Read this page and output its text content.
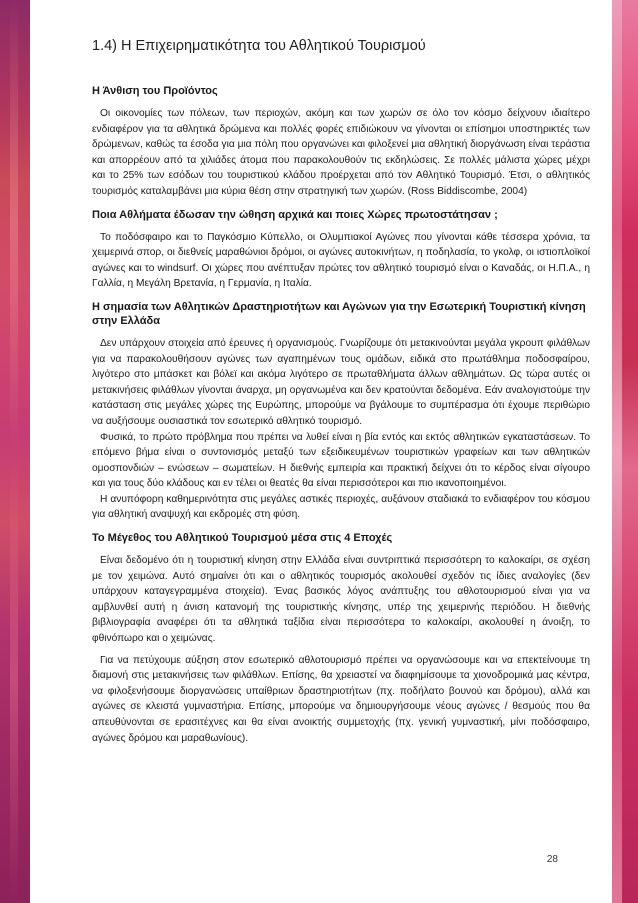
1.4) Η Επιχειρηματικότητα του Αθλητικού Τουρισμού
Η Άνθιση του Προϊόντος

Οι οικονομίες των πόλεων, των περιοχών, ακόμη και των χωρών σε όλο τον κόσμο δείχνουν ιδιαίτερο ενδιαφέρον για τα αθλητικά δρώμενα και πολλές φορές επιδιώκουν να γίνονται οι επίσημοι υποστηρικτές των δρώμενων, καθώς τα έσοδα για μια πόλη που οργανώνει και φιλοξενεί μια αθλητική διοργάνωση είναι τεράστια και απορρέουν από τα χιλιάδες άτομα που παρακολουθούν τις εκδηλώσεις. Σε πολλές μάλιστα χώρες μέχρι και το 25% των εσόδων του τουριστικού κλάδου προέρχεται από τον Αθλητικό Τουρισμό. Έτσι, ο αθλητικός τουρισμός καταλαμβάνει μια κύρια θέση στην στρατηγική των χωρών. (Ross Biddiscombe, 2004)

Ποια Αθλήματα έδωσαν την ώθηση αρχικά και ποιες Χώρες πρωτοστάτησαν ;

Το ποδόσφαιρο και το Παγκόσμιο Κύπελλο, οι Ολυμπιακοί Αγώνες που γίνονται κάθε τέσσερα χρόνια, τα χειμερινά σπορ, οι διεθνείς μαραθώνιοι δρόμοι, οι αγώνες αυτοκινήτων, η ποδηλασία, το γκολφ, οι ιστιοπλοϊκοί αγώνες και το windsurf. Οι χώρες που ανέπτυξαν πρώτες τον αθλητικό τουρισμό είναι ο Καναδάς, οι Η.Π.Α., η Γαλλία, η Μεγάλη Βρετανία, η Γερμανία, η Ιταλία.

Η σημασία των Αθλητικών Δραστηριοτήτων και Αγώνων για την Εσωτερική Τουριστική κίνηση στην Ελλάδα

Δεν υπάρχουν στοιχεία από έρευνες ή οργανισμούς. Γνωρίζουμε ότι μετακινούνται μεγάλα γκρουπ φιλάθλων για να παρακολουθήσουν αγώνες των αγαπημένων τους ομάδων, ειδικά στο πρωτάθλημα ποδοσφαίρου, λιγότερο στο μπάσκετ και βόλεϊ και ακόμα λιγότερο σε πρωταθλήματα άλλων αθλημάτων. Ως τώρα αυτές οι μετακινήσεις φιλάθλων γίνονται άναρχα, μη οργανωμένα και δεν κρατούνται δεδομένα. Εάν αναλογιστούμε την κατάσταση στις μεγάλες χώρες της Ευρώπης, μπορούμε να βγάλουμε το συμπέρασμα ότι έχουμε περιθώριο να αυξήσουμε ουσιαστικά τον εσωτερικό αθλητικό τουρισμό.

Φυσικά, το πρώτο πρόβλημα που πρέπει να λυθεί είναι η βία εντός και εκτός αθλητικών εγκαταστάσεων. Το επόμενο βήμα είναι ο συντονισμός μεταξύ των εξειδικευμένων τουριστικών γραφείων και των αθλητικών ομοσπονδιών – ενώσεων – σωματείων. Η διεθνής εμπειρία και πρακτική δείχνει ότι το κέρδος είναι σίγουρο και για τους δύο κλάδους και εν τέλει οι θεατές θα είναι περισσότεροι και πιο ικανοποιημένοι.

Η ανυπόφορη καθημερινότητα στις μεγάλες αστικές περιοχές, αυξάνουν σταδιακά το ενδιαφέρον του κόσμου για αθλητική αναψυχή και εκδρομές στη φύση.

Το Μέγεθος του Αθλητικού Τουρισμού μέσα στις 4 Εποχές

Είναι δεδομένο ότι η τουριστική κίνηση στην Ελλάδα είναι συντριπτικά περισσότερη το καλοκαίρι, σε σχέση με τον χειμώνα. Αυτό σημαίνει ότι και ο αθλητικός τουρισμός ακολουθεί σχεδόν τις ίδιες αναλογίες (δεν υπάρχουν καταγεγραμμένα στοιχεία). Ένας βασικός λόγος ανάπτυξης του αθλοτουρισμού είναι για να αμβλυνθεί αυτή η άνιση κατανομή της τουριστικής κίνησης, υπέρ της χειμερινής περιόδου. Η διεθνής βιβλιογραφία αναφέρει ότι τα αθλητικά ταξίδια είναι περισσότερα το καλοκαίρι, ακολουθεί η άνοιξη, το φθινόπωρο και ο χειμώνας.

Για να πετύχουμε αύξηση στον εσωτερικό αθλοτουρισμό πρέπει να οργανώσουμε και να επεκτείνουμε τη διαμονή στις μετακινήσεις των φιλάθλων. Επίσης, θα χρειαστεί να διαφημίσουμε τα χιονοδρομικά μας κέντρα, να φιλοξενήσουμε διοργανώσεις υπαίθριων δραστηριοτήτων (πχ. ποδήλατο βουνού και δρόμου), αλλά και αγώνες σε κλειστά γυμναστήρια. Επίσης, μπορούμε να δημιουργήσουμε νέους αγώνες / θεσμούς που θα απευθύνονται σε ερασιτέχνες και θα είναι ανοικτής συμμετοχής (πχ. γενική γυμναστική, μίνι ποδόσφαιρο, αγώνες δρόμου και μαραθωνίους).

28
